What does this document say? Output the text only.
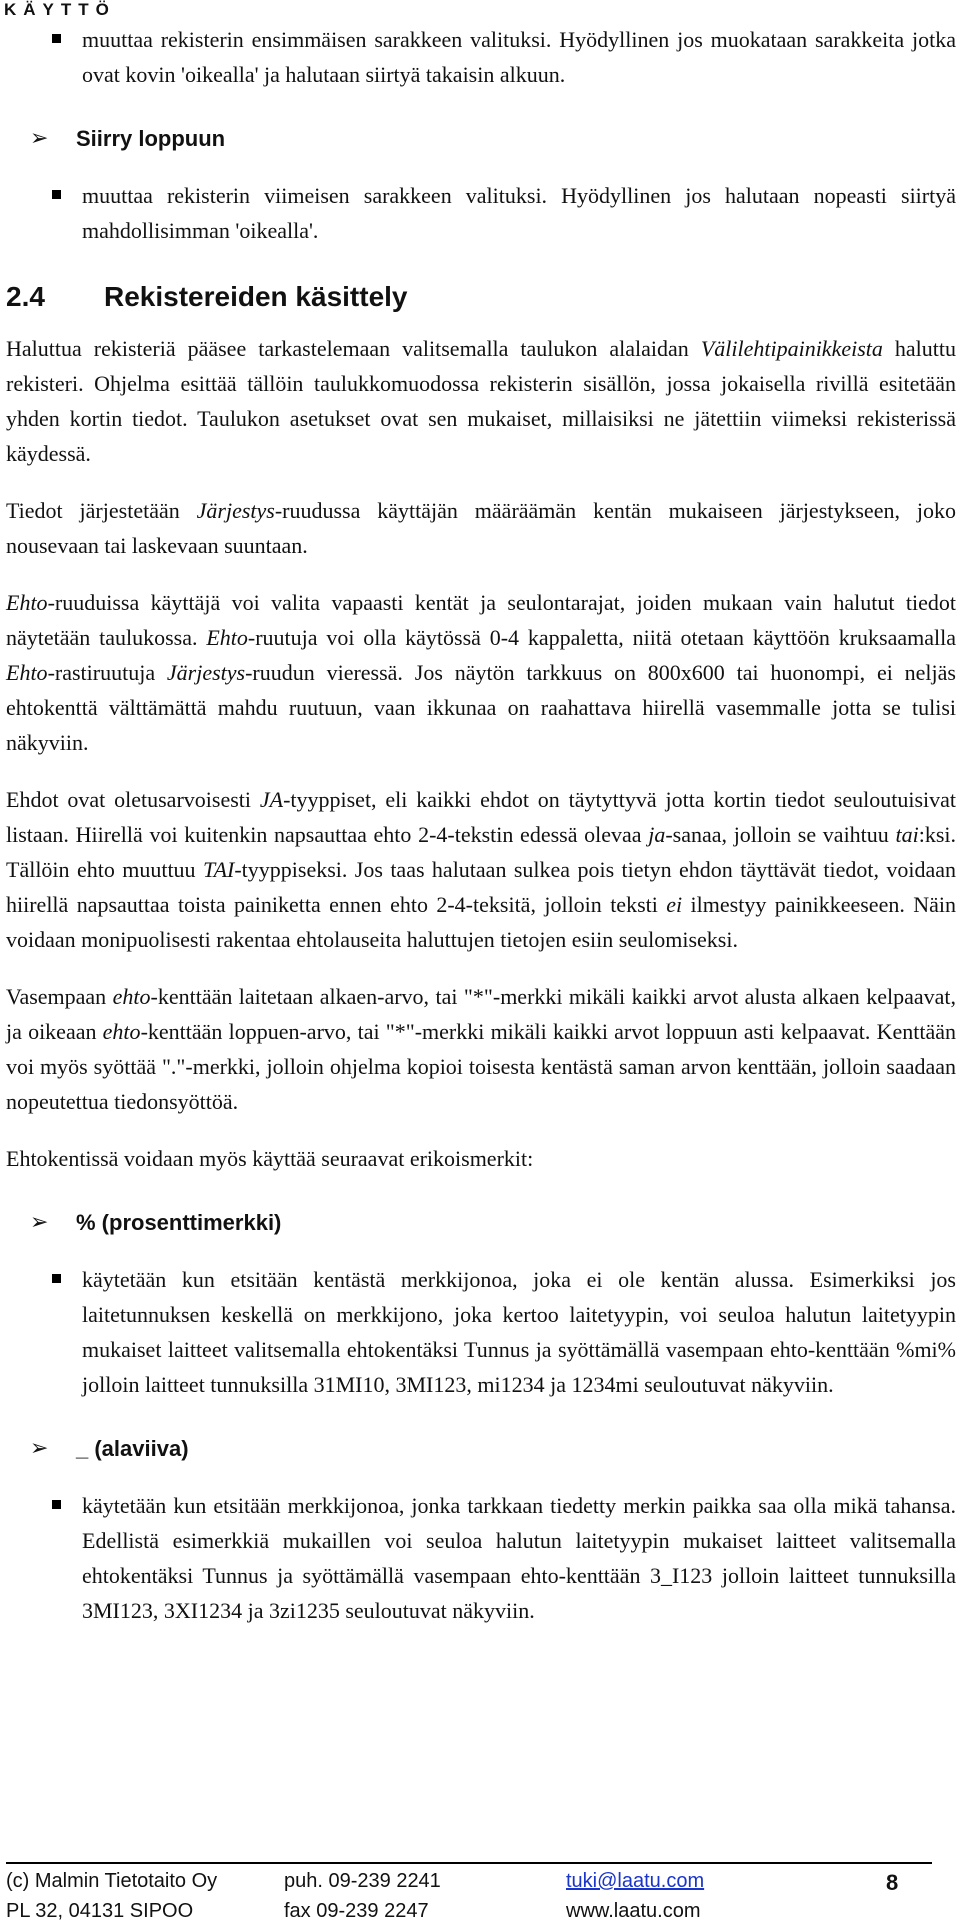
KÄYTTÖ
muuttaa rekisterin ensimmäisen sarakkeen valituksi. Hyödyllinen jos muokataan sarakkeita jotka ovat kovin 'oikealla' ja halutaan siirtyä takaisin alkuun.
➢ Siirry loppuun
muuttaa rekisterin viimeisen sarakkeen valituksi. Hyödyllinen jos halutaan nopeasti siirtyä mahdollisimman 'oikealla'.
2.4 Rekistereiden käsittely

Haluttua rekisteriä pääsee tarkastelemaan valitsemalla taulukon alalaidan Välilehtipainikkeista haluttu rekisteri. Ohjelma esittää tällöin taulukkomuodossa rekisterin sisällön, jossa jokaisella rivillä esitetään yhden kortin tiedot. Taulukon asetukset ovat sen mukaiset, millaisiksi ne jätettiin viimeksi rekisterissä käydessä.

Tiedot järjestetään Järjestys-ruudussa käyttäjän määräämän kentän mukaiseen järjestykseen, joko nousevaan tai laskevaan suuntaan.

Ehto-ruuduissa käyttäjä voi valita vapaasti kentät ja seulontarajat, joiden mukaan vain halutut tiedot näytetään taulukossa. Ehto-ruutuja voi olla käytössä 0-4 kappaletta, niitä otetaan käyttöön kruksaamalla Ehto-rastiruutuja Järjestys-ruudun vieressä. Jos näytön tarkkuus on 800x600 tai huonompi, ei neljäs ehtokenttä välttämättä mahdu ruutuun, vaan ikkunaa on raahattava hiirellä vasemmalle jotta se tulisi näkyviin.

Ehdot ovat oletusarvoisesti JA-tyyppiset, eli kaikki ehdot on täytyttyvä jotta kortin tiedot seuloutuisivat listaan. Hiirellä voi kuitenkin napsauttaa ehto 2-4-tekstin edessä olevaa ja-sanaa, jolloin se vaihtuu tai:ksi. Tällöin ehto muuttuu TAI-tyyppiseksi. Jos taas halutaan sulkea pois tietyn ehdon täyttävät tiedot, voidaan hiirellä napsauttaa toista painiketta ennen ehto 2-4-teksitä, jolloin teksti ei ilmestyy painikkeeseen. Näin voidaan monipuolisesti rakentaa ehtolauseita haluttujen tietojen esiin seulomiseksi.

Vasempaan ehto-kenttään laitetaan alkaen-arvo, tai "*"-merkki mikäli kaikki arvot alusta alkaen kelpaavat, ja oikeaan ehto-kenttään loppuen-arvo, tai "*"-merkki mikäli kaikki arvot loppuun asti kelpaavat. Kenttään voi myös syöttää "."-merkki, jolloin ohjelma kopioi toisesta kentästä saman arvon kenttään, jolloin saadaan nopeutettua tiedonsyöttöä.

Ehtokentissä voidaan myös käyttää seuraavat erikoismerkit:

➢ % (prosenttimerkki)
käytetään kun etsitään kentästä merkkijonoa, joka ei ole kentän alussa. Esimerkiksi jos laitetunnuksen keskellä on merkkijono, joka kertoo laitetyypin, voi seuloa halutun laitetyypin mukaiset laitteet valitsemalla ehtokentäksi Tunnus ja syöttämällä vasempaan ehto-kenttään %mi% jolloin laitteet tunnuksilla 31MI10, 3MI123, mi1234 ja 1234mi seuloutuvat näkyviin.
➢ _ (alaviiva)
käytetään kun etsitään merkkijonoa, jonka tarkkaan tiedetty merkin paikka saa olla mikä tahansa. Edellistä esimerkkiä mukaillen voi seuloa halutun laitetyypin mukaiset laitteet valitsemalla ehtokentäksi Tunnus ja syöttämällä vasempaan ehto-kenttään 3_I123 jolloin laitteet tunnuksilla 3MI123, 3XI1234 ja 3zi1235 seuloutuvat näkyviin.
(c) Malmin Tietotaito Oy	puh. 09-239 2241	tuki@laatu.com	8
PL 32, 04131 SIPOO	fax 09-239 2247	www.laatu.com
